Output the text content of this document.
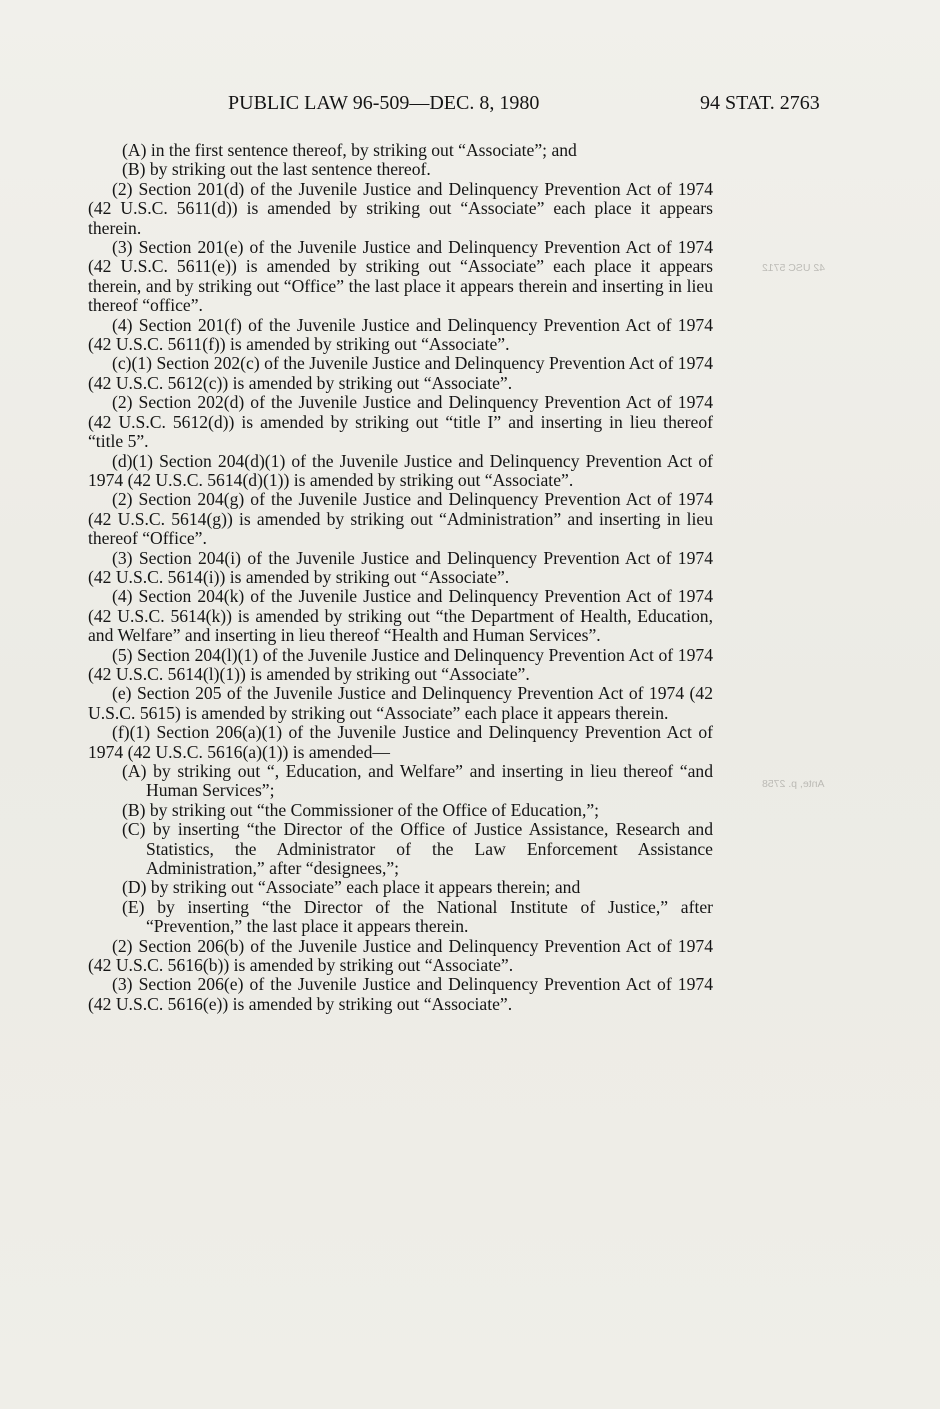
PUBLIC LAW 96-509—DEC. 8, 1980	94 STAT. 2763
42 USC 5712
Ante, p. 2758

(A) in the first sentence thereof, by striking out “Associate”; and

(B) by striking out the last sentence thereof.

(2) Section 201(d) of the Juvenile Justice and Delinquency Prevention Act of 1974 (42 U.S.C. 5611(d)) is amended by striking out “Associate” each place it appears therein.

(3) Section 201(e) of the Juvenile Justice and Delinquency Prevention Act of 1974 (42 U.S.C. 5611(e)) is amended by striking out “Associate” each place it appears therein, and by striking out “Office” the last place it appears therein and inserting in lieu thereof “office”.

(4) Section 201(f) of the Juvenile Justice and Delinquency Prevention Act of 1974 (42 U.S.C. 5611(f)) is amended by striking out “Associate”.

(c)(1) Section 202(c) of the Juvenile Justice and Delinquency Prevention Act of 1974 (42 U.S.C. 5612(c)) is amended by striking out “Associate”.

(2) Section 202(d) of the Juvenile Justice and Delinquency Prevention Act of 1974 (42 U.S.C. 5612(d)) is amended by striking out “title I” and inserting in lieu thereof “title 5”.

(d)(1) Section 204(d)(1) of the Juvenile Justice and Delinquency Prevention Act of 1974 (42 U.S.C. 5614(d)(1)) is amended by striking out “Associate”.

(2) Section 204(g) of the Juvenile Justice and Delinquency Prevention Act of 1974 (42 U.S.C. 5614(g)) is amended by striking out “Administration” and inserting in lieu thereof “Office”.

(3) Section 204(i) of the Juvenile Justice and Delinquency Prevention Act of 1974 (42 U.S.C. 5614(i)) is amended by striking out “Associate”.

(4) Section 204(k) of the Juvenile Justice and Delinquency Prevention Act of 1974 (42 U.S.C. 5614(k)) is amended by striking out “the Department of Health, Education, and Welfare” and inserting in lieu thereof “Health and Human Services”.

(5) Section 204(l)(1) of the Juvenile Justice and Delinquency Prevention Act of 1974 (42 U.S.C. 5614(l)(1)) is amended by striking out “Associate”.

(e) Section 205 of the Juvenile Justice and Delinquency Prevention Act of 1974 (42 U.S.C. 5615) is amended by striking out “Associate” each place it appears therein.

(f)(1) Section 206(a)(1) of the Juvenile Justice and Delinquency Prevention Act of 1974 (42 U.S.C. 5616(a)(1)) is amended—

(A) by striking out “, Education, and Welfare” and inserting in lieu thereof “and Human Services”;

(B) by striking out “the Commissioner of the Office of Education,”;

(C) by inserting “the Director of the Office of Justice Assistance, Research and Statistics, the Administrator of the Law Enforcement Assistance Administration,” after “designees,”;

(D) by striking out “Associate” each place it appears therein; and

(E) by inserting “the Director of the National Institute of Justice,” after “Prevention,” the last place it appears therein.

(2) Section 206(b) of the Juvenile Justice and Delinquency Prevention Act of 1974 (42 U.S.C. 5616(b)) is amended by striking out “Associate”.

(3) Section 206(e) of the Juvenile Justice and Delinquency Prevention Act of 1974 (42 U.S.C. 5616(e)) is amended by striking out “Associate”.
